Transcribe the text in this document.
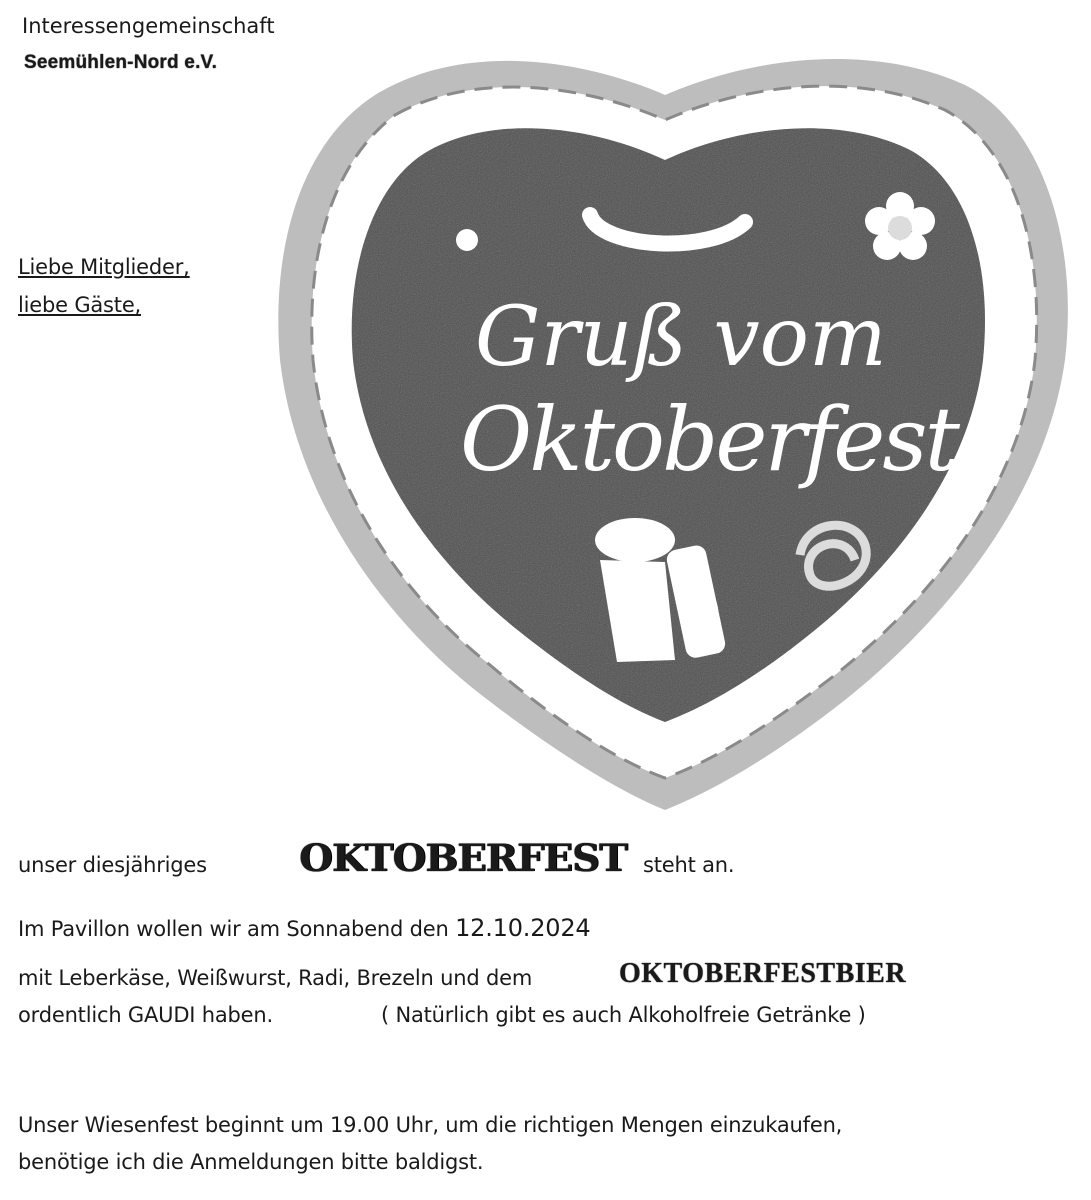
Interessengemeinschaft
Seemühlen-Nord e.V.
Gruß vom
Oktoberfest
Liebe Mitglieder,
liebe Gäste,
unser diesjähriges OKTOBERFEST steht an.
Im Pavillon wollen wir am Sonnabend den 12.10.2024
mit Leberkäse, Weißwurst, Radi, Brezeln und dem	OKTOBERFESTBIER
ordentlich GAUDI haben.	( Natürlich gibt es auch Alkoholfreie Getränke )
Unser Wiesenfest beginnt um 19.00 Uhr, um die richtigen Mengen einzukaufen,
benötige ich die Anmeldungen bitte baldigst.
